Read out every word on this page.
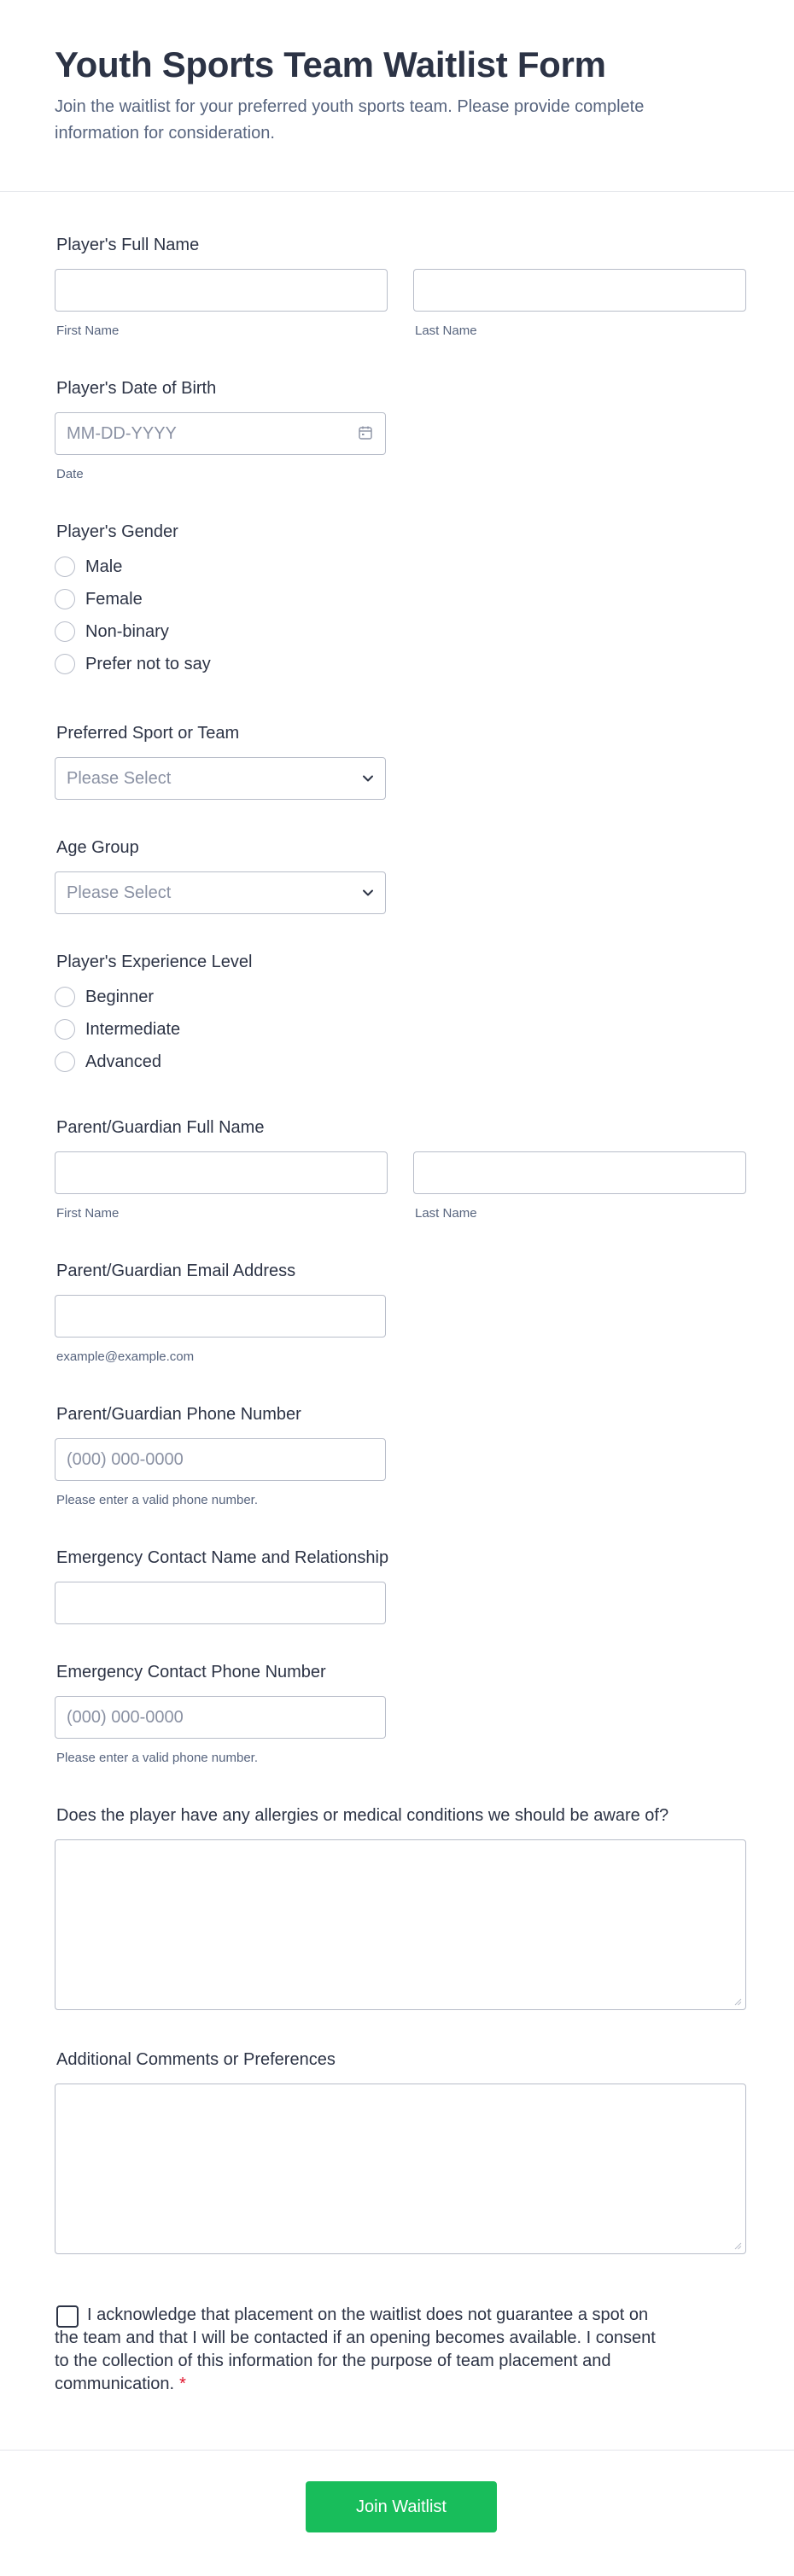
Youth Sports Team Waitlist Form

Join the waitlist for your preferred youth sports team. Please provide complete information for consideration.

Player's Full Name
First Name	Last Name
Player's Date of Birth
MM-DD-YYYY
Date
Player's Gender
Male
Female
Non-binary
Prefer not to say
Preferred Sport or Team
Please Select
Age Group
Please Select
Player's Experience Level
Beginner
Intermediate
Advanced
Parent/Guardian Full Name
First Name	Last Name
Parent/Guardian Email Address
example@example.com
Parent/Guardian Phone Number
(000) 000-0000
Please enter a valid phone number.
Emergency Contact Name and Relationship
Emergency Contact Phone Number
(000) 000-0000
Please enter a valid phone number.
Does the player have any allergies or medical conditions we should be aware of?
Additional Comments or Preferences
I acknowledge that placement on the waitlist does not guarantee a spot on the team and that I will be contacted if an opening becomes available. I consent to the collection of this information for the purpose of team placement and communication. *
Join Waitlist
